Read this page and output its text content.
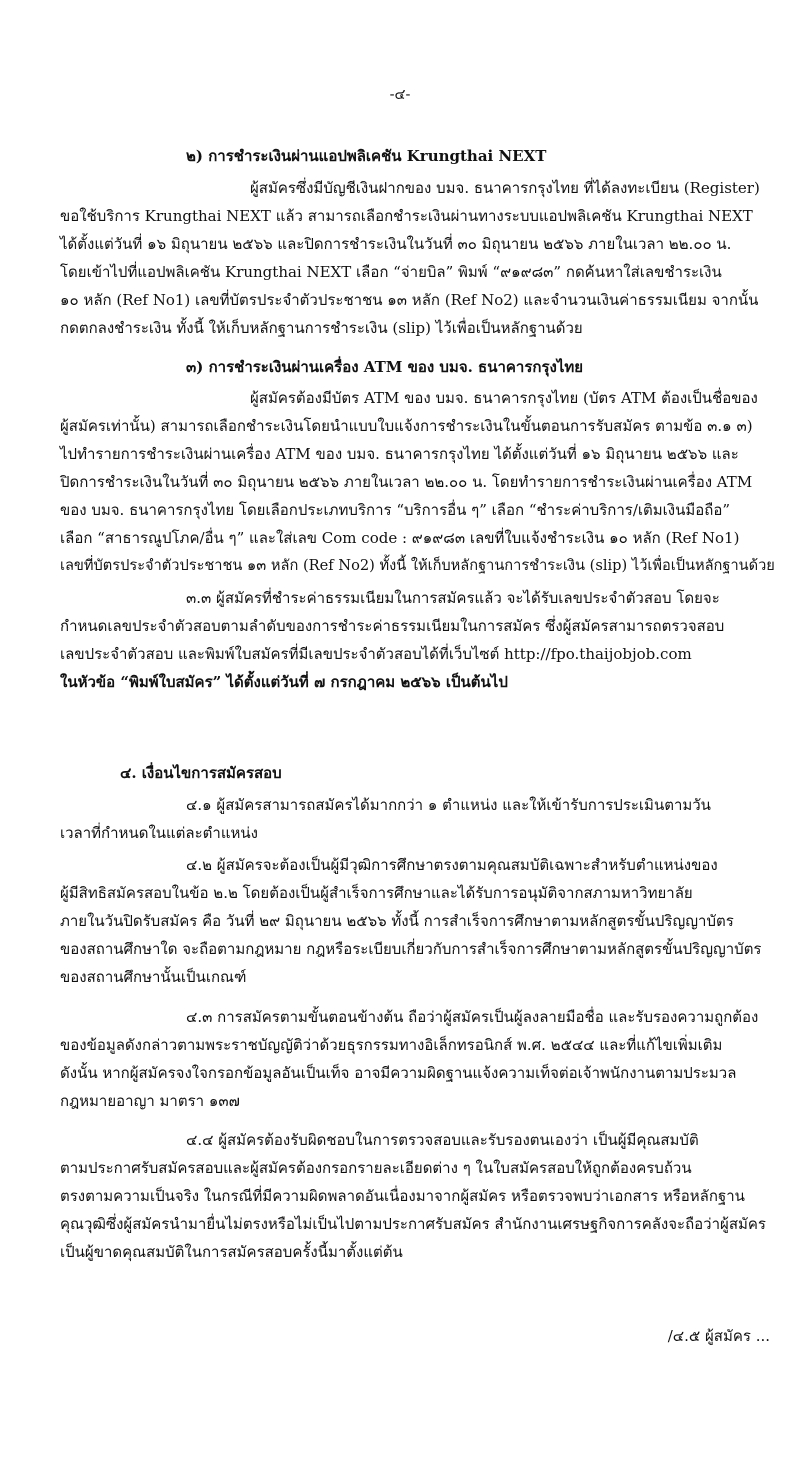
-๔-

๒) การชำระเงินผ่านแอปพลิเคชัน Krungthai NEXT

ผู้สมัครซึ่งมีบัญชีเงินฝากของ บมจ. ธนาคารกรุงไทย ที่ได้ลงทะเบียน (Register)

ขอใช้บริการ Krungthai NEXT แล้ว สามารถเลือกชำระเงินผ่านทางระบบแอปพลิเคชัน Krungthai NEXT

ได้ตั้งแต่วันที่ ๑๖ มิถุนายน ๒๕๖๖ และปิดการชำระเงินในวันที่ ๓๐ มิถุนายน ๒๕๖๖ ภายในเวลา ๒๒.๐๐ น.

โดยเข้าไปที่แอปพลิเคชัน Krungthai NEXT เลือก “จ่ายบิล” พิมพ์ “๙๑๙๘๓” กดค้นหาใส่เลขชำระเงิน

๑๐ หลัก (Ref No1) เลขที่บัตรประจำตัวประชาชน ๑๓ หลัก (Ref No2) และจำนวนเงินค่าธรรมเนียม จากนั้น

กดตกลงชำระเงิน ทั้งนี้ ให้เก็บหลักฐานการชำระเงิน (slip) ไว้เพื่อเป็นหลักฐานด้วย

๓) การชำระเงินผ่านเครื่อง ATM ของ บมจ. ธนาคารกรุงไทย

ผู้สมัครต้องมีบัตร ATM ของ บมจ. ธนาคารกรุงไทย (บัตร ATM ต้องเป็นชื่อของ

ผู้สมัครเท่านั้น) สามารถเลือกชำระเงินโดยนำแบบใบแจ้งการชำระเงินในขั้นตอนการรับสมัคร ตามข้อ ๓.๑ ๓)

ไปทำรายการชำระเงินผ่านเครื่อง ATM ของ บมจ. ธนาคารกรุงไทย ได้ตั้งแต่วันที่ ๑๖ มิถุนายน ๒๕๖๖ และ

ปิดการชำระเงินในวันที่ ๓๐ มิถุนายน ๒๕๖๖ ภายในเวลา ๒๒.๐๐ น. โดยทำรายการชำระเงินผ่านเครื่อง ATM

ของ บมจ. ธนาคารกรุงไทย โดยเลือกประเภทบริการ “บริการอื่น ๆ” เลือก “ชำระค่าบริการ/เติมเงินมือถือ”

เลือก “สาธารณูปโภค/อื่น ๆ” และใส่เลข Com code : ๙๑๙๘๓ เลขที่ใบแจ้งชำระเงิน ๑๐ หลัก (Ref No1)

เลขที่บัตรประจำตัวประชาชน ๑๓ หลัก (Ref No2) ทั้งนี้ ให้เก็บหลักฐานการชำระเงิน (slip) ไว้เพื่อเป็นหลักฐานด้วย

๓.๓ ผู้สมัครที่ชำระค่าธรรมเนียมในการสมัครแล้ว จะได้รับเลขประจำตัวสอบ โดยจะ

กำหนดเลขประจำตัวสอบตามลำดับของการชำระค่าธรรมเนียมในการสมัคร ซึ่งผู้สมัครสามารถตรวจสอบ

เลขประจำตัวสอบ และพิมพ์ใบสมัครที่มีเลขประจำตัวสอบได้ที่เว็บไซต์ http://fpo.thaijobjob.com

ในหัวข้อ “พิมพ์ใบสมัคร” ได้ตั้งแต่วันที่ ๗ กรกฎาคม ๒๕๖๖ เป็นต้นไป

๔. เงื่อนไขการสมัครสอบ

๔.๑ ผู้สมัครสามารถสมัครได้มากกว่า ๑ ตำแหน่ง และให้เข้ารับการประเมินตามวัน

เวลาที่กำหนดในแต่ละตำแหน่ง

๔.๒ ผู้สมัครจะต้องเป็นผู้มีวุฒิการศึกษาตรงตามคุณสมบัติเฉพาะสำหรับตำแหน่งของ

ผู้มีสิทธิสมัครสอบในข้อ ๒.๒ โดยต้องเป็นผู้สำเร็จการศึกษาและได้รับการอนุมัติจากสภามหาวิทยาลัย

ภายในวันปิดรับสมัคร คือ วันที่ ๒๙ มิถุนายน ๒๕๖๖ ทั้งนี้ การสำเร็จการศึกษาตามหลักสูตรขั้นปริญญาบัตร

ของสถานศึกษาใด จะถือตามกฎหมาย กฎหรือระเบียบเกี่ยวกับการสำเร็จการศึกษาตามหลักสูตรขั้นปริญญาบัตร

ของสถานศึกษานั้นเป็นเกณฑ์

๔.๓ การสมัครตามขั้นตอนข้างต้น ถือว่าผู้สมัครเป็นผู้ลงลายมือชื่อ และรับรองความถูกต้อง

ของข้อมูลดังกล่าวตามพระราชบัญญัติว่าด้วยธุรกรรมทางอิเล็กทรอนิกส์ พ.ศ. ๒๕๔๔ และที่แก้ไขเพิ่มเติม

ดังนั้น หากผู้สมัครจงใจกรอกข้อมูลอันเป็นเท็จ อาจมีความผิดฐานแจ้งความเท็จต่อเจ้าพนักงานตามประมวล

กฎหมายอาญา มาตรา ๑๓๗

๔.๔ ผู้สมัครต้องรับผิดชอบในการตรวจสอบและรับรองตนเองว่า เป็นผู้มีคุณสมบัติ

ตามประกาศรับสมัครสอบและผู้สมัครต้องกรอกรายละเอียดต่าง ๆ ในใบสมัครสอบให้ถูกต้องครบถ้วน

ตรงตามความเป็นจริง ในกรณีที่มีความผิดพลาดอันเนื่องมาจากผู้สมัคร หรือตรวจพบว่าเอกสาร หรือหลักฐาน

คุณวุฒิซึ่งผู้สมัครนำมายื่นไม่ตรงหรือไม่เป็นไปตามประกาศรับสมัคร สำนักงานเศรษฐกิจการคลังจะถือว่าผู้สมัคร

เป็นผู้ขาดคุณสมบัติในการสมัครสอบครั้งนี้มาตั้งแต่ต้น

/๔.๕ ผู้สมัคร ...
